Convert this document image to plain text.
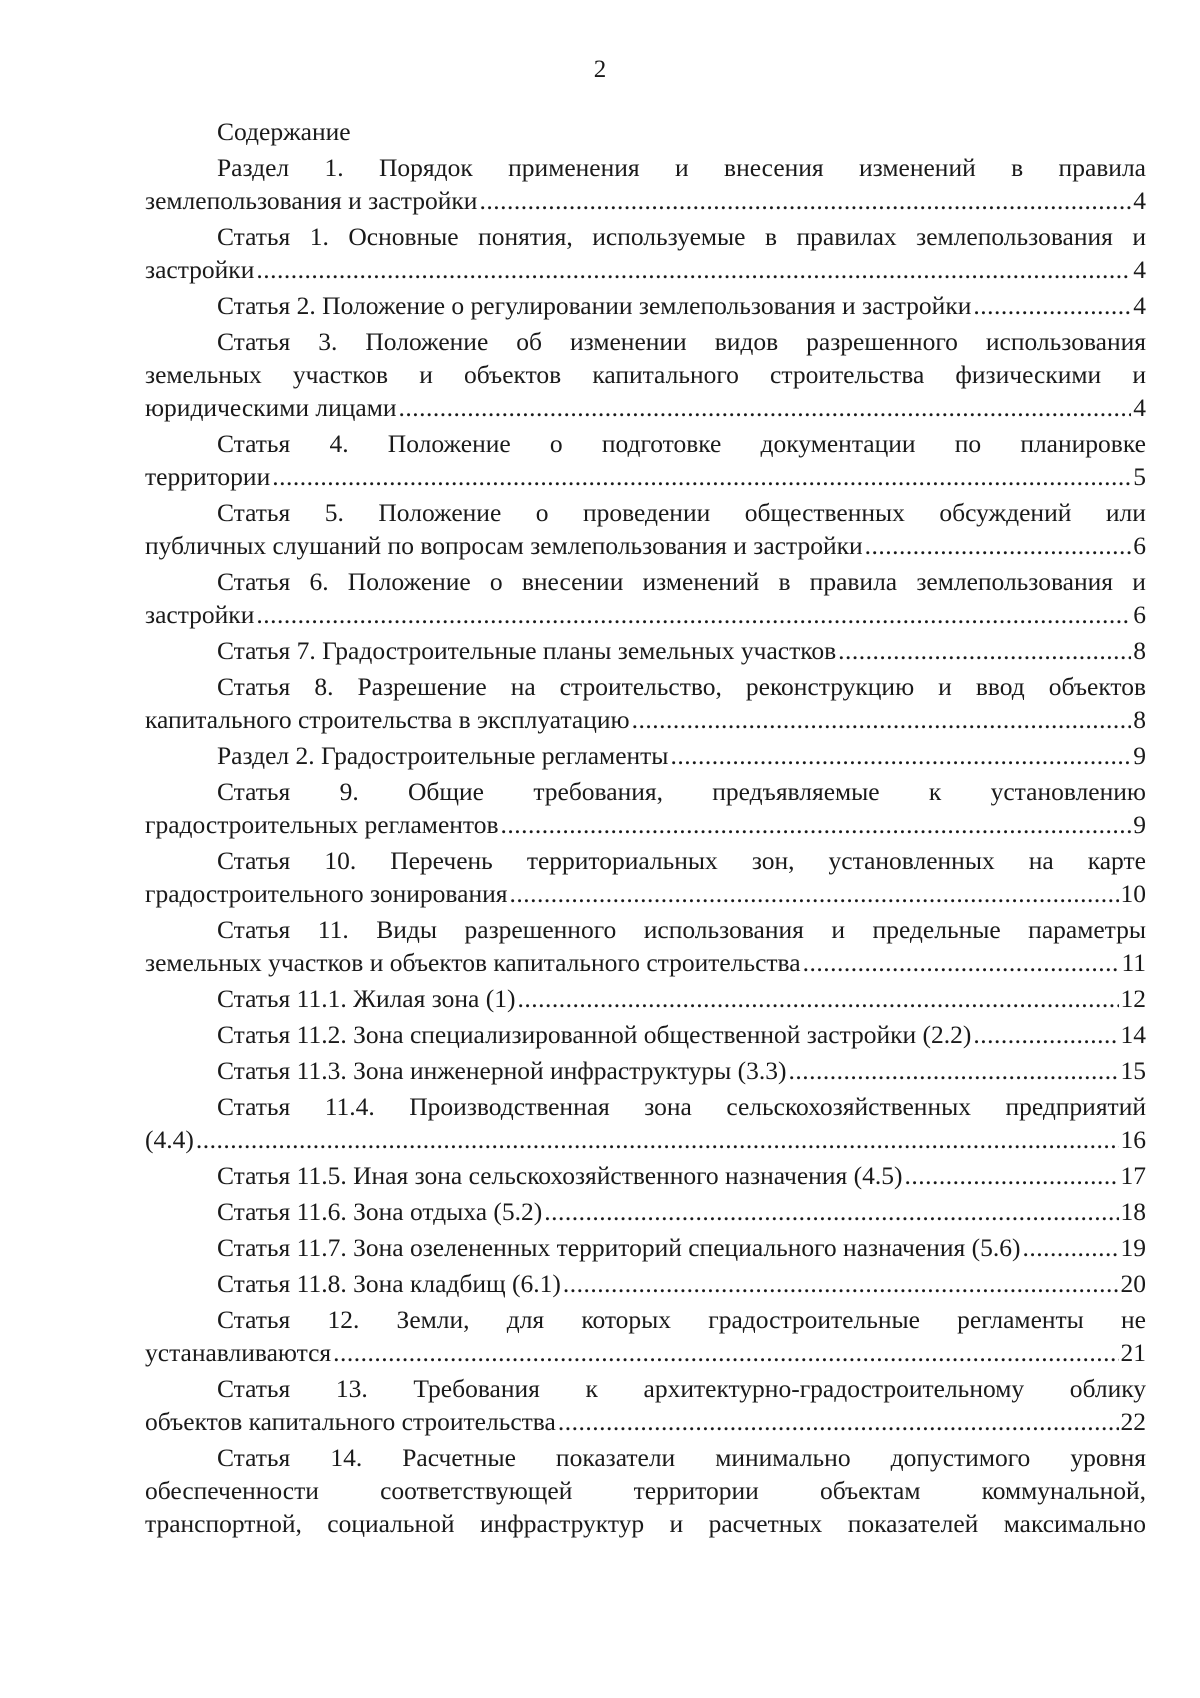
2
Содержание
Раздел 1. Порядок применения и внесения изменений в правила
землепользования и застройки .....	4
Статья 1. Основные понятия, используемые в правилах землепользования и
застройки .....	4
Статья 2. Положение о регулировании землепользования и застройки .....	4
Статья 3. Положение об изменении видов разрешенного использования
земельных участков и объектов капитального строительства физическими и
юридическими лицами .....	4
Статья 4. Положение о подготовке документации по планировке
территории .....	5
Статья 5. Положение о проведении общественных обсуждений или
публичных слушаний по вопросам землепользования и застройки .....	6
Статья 6. Положение о внесении изменений в правила землепользования и
застройки .....	6
Статья 7. Градостроительные планы земельных участков .....	8
Статья 8. Разрешение на строительство, реконструкцию и ввод объектов
капитального строительства в эксплуатацию .....	8
Раздел 2. Градостроительные регламенты .....	9
Статья 9. Общие требования, предъявляемые к установлению
градостроительных регламентов .....	9
Статья 10. Перечень территориальных зон, установленных на карте
градостроительного зонирования .....	10
Статья 11. Виды разрешенного использования и предельные параметры
земельных участков и объектов капитального строительства .....	11
Статья 11.1. Жилая зона (1) .....	12
Статья 11.2. Зона специализированной общественной застройки (2.2) .....	14
Статья 11.3. Зона инженерной инфраструктуры (3.3) .....	15
Статья 11.4. Производственная зона сельскохозяйственных предприятий
(4.4) .....	16
Статья 11.5. Иная зона сельскохозяйственного назначения (4.5) .....	17
Статья 11.6. Зона отдыха (5.2) .....	18
Статья 11.7. Зона озелененных территорий специального назначения (5.6) .....	19
Статья 11.8. Зона кладбищ (6.1) .....	20
Статья 12. Земли, для которых градостроительные регламенты не
устанавливаются .....	21
Статья 13. Требования к архитектурно-градостроительному облику
объектов капитального строительства .....	22
Статья 14. Расчетные показатели минимально допустимого уровня
обеспеченности соответствующей территории объектам коммунальной,
транспортной, социальной инфраструктур и расчетных показателей максимально
